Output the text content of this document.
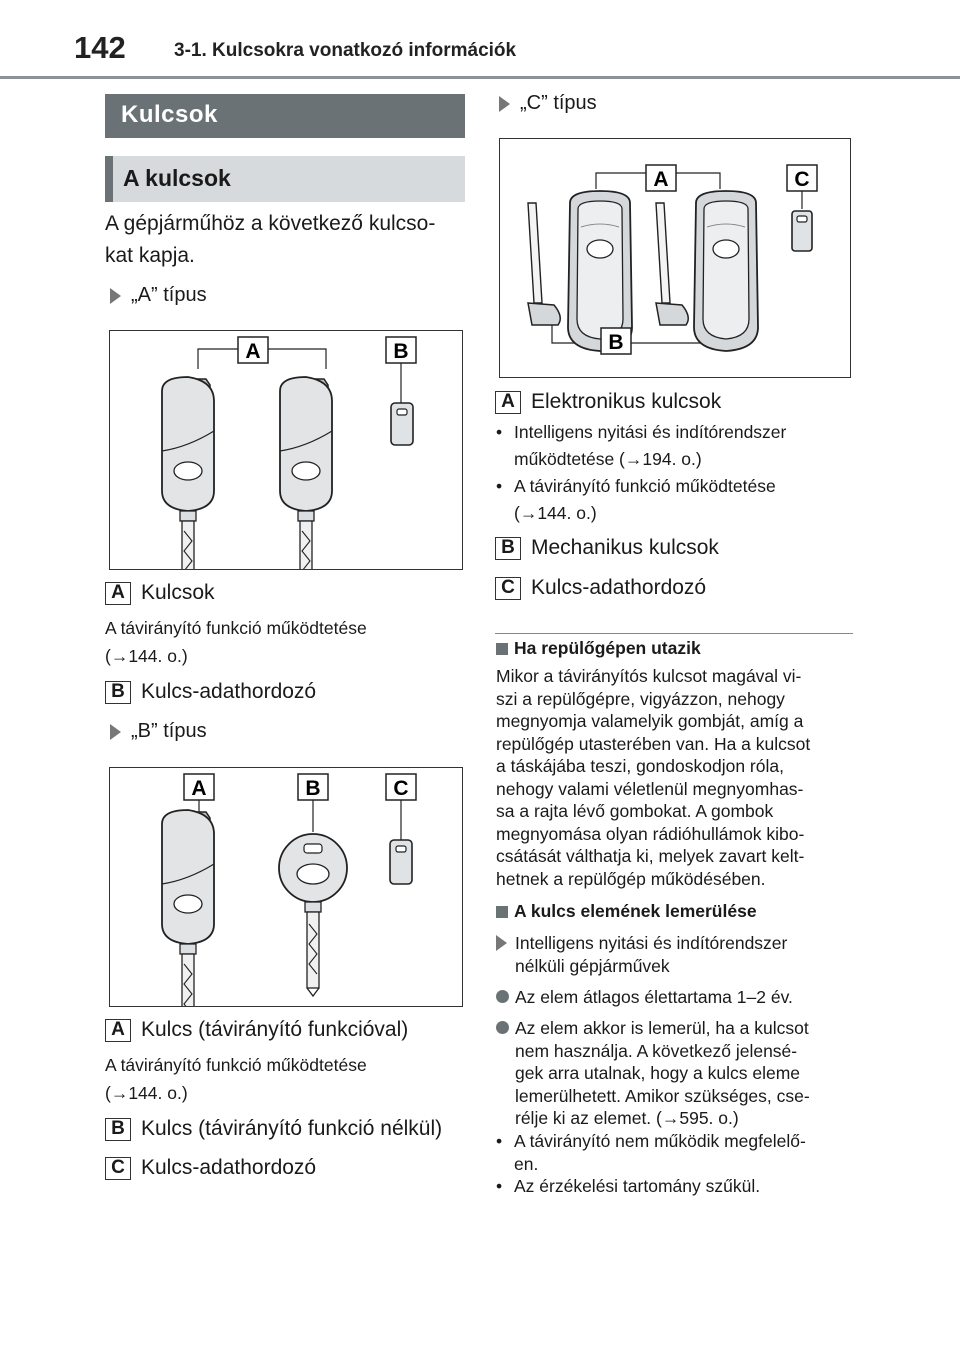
142	3-1. Kulcsokra vonatkozó információk
Kulcsok
A kulcsok
A gépjárműhöz a következő kulcso-
kat kapja.
„A” típus
A	B
A Kulcsok
A távirányító funkció működtetése
(→144. o.)
B Kulcs-adathordozó
„B” típus
A	B	C
A Kulcs (távirányító funkcióval)
A távirányító funkció működtetése
(→144. o.)
B Kulcs (távirányító funkció nélkül)
C Kulcs-adathordozó
„C” típus
A	C
B
A Elektronikus kulcsok
• Intelligens nyitási és indítórendszer
működtetése (→194. o.)
• A távirányító funkció működtetése
(→144. o.)
B Mechanikus kulcsok
C Kulcs-adathordozó
Ha repülőgépen utazik
Mikor a távirányítós kulcsot magával vi-
szi a repülőgépre, vigyázzon, nehogy
megnyomja valamelyik gombját, amíg a
repülőgép utasterében van. Ha a kulcsot
a táskájába teszi, gondoskodjon róla,
nehogy valami véletlenül megnyomhas-
sa a rajta lévő gombokat. A gombok
megnyomása olyan rádióhullámok kibo-
csátását válthatja ki, melyek zavart kelt-
hetnek a repülőgép működésében.
A kulcs elemének lemerülése
Intelligens nyitási és indítórendszer
nélküli gépjárművek
Az elem átlagos élettartama 1–2 év.
Az elem akkor is lemerül, ha a kulcsot
nem használja. A következő jelensé-
gek arra utalnak, hogy a kulcs eleme
lemerülhetett. Amikor szükséges, cse-
rélje ki az elemet. (→595. o.)
• A távirányító nem működik megfelelő-
en.
• Az érzékelési tartomány szűkül.
